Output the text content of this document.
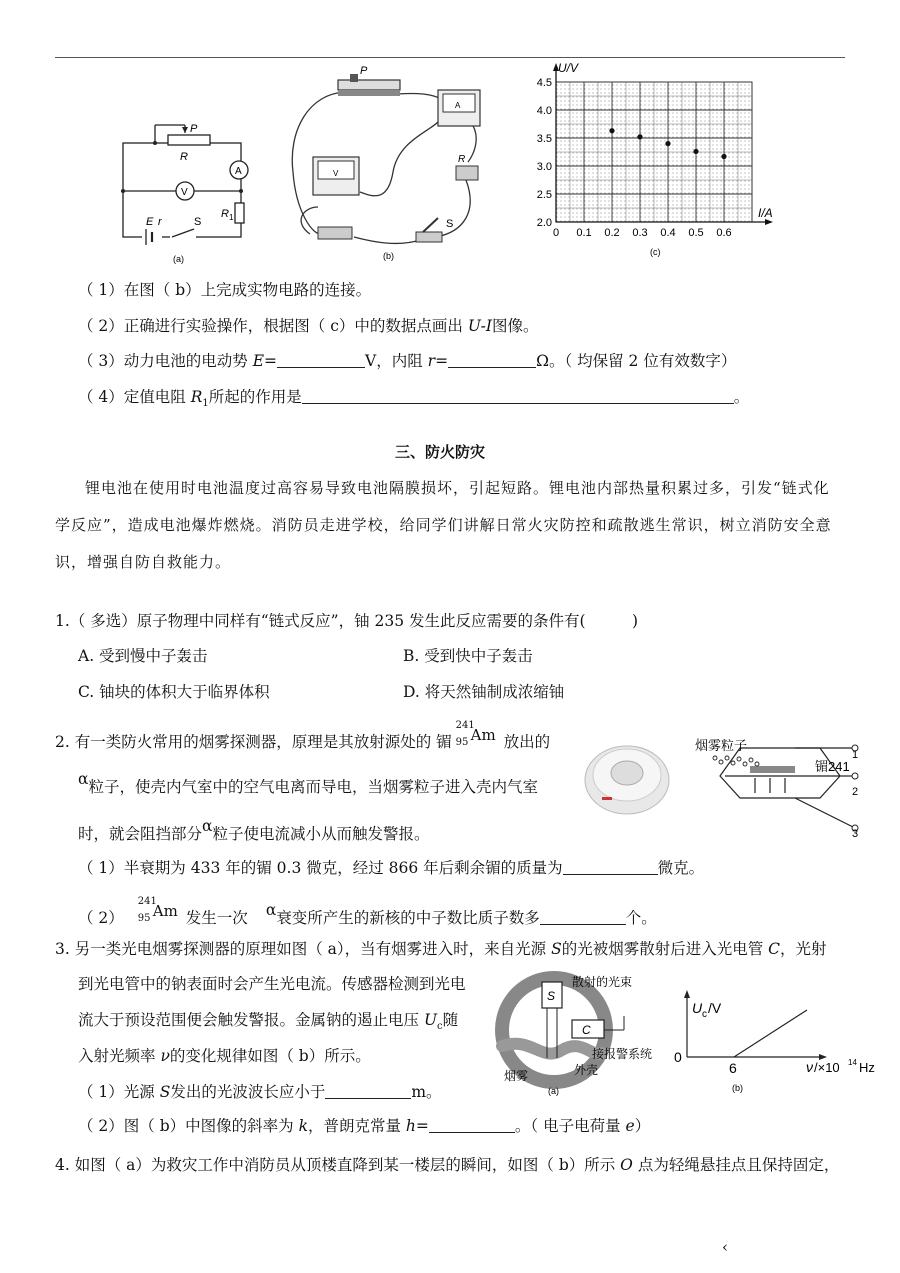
P
R
A
V
E r	S
R 1
(a)
P
A
V
R
S
(b)
0 0.1 0.2 0.3 0.4 0.5 0.6
2.0
2.5
3.0
3.5
4.0
4.5
U/V
I/A
(c)
（ 1）在图（ b）上完成实物电路的连接。
（ 2）正确进行实验操作，根据图（ c）中的数据点画出 U-I图像。
（ 3）动力电池的电动势 E=	V，内阻 r=	Ω。（ 均保留 2 位有效数字）
（ 4）定值电阻 $R_1$所起的作用是	。
三、防火防灾
锂电池在使用时电池温度过高容易导致电池隔膜损坏，引起短路。锂电池内部热量积累过多，引发“链式化学反应”，造成电池爆炸燃烧。消防员走进学校，给同学们讲解日常火灾防控和疏散逃生常识，树立消防安全意识，增强自防自救能力。
1.（ 多选）原子物理中同样有“链式反应”，铀 235 发生此反应需要的条件有(　　　)
A. 受到慢中子轰击	B. 受到快中子轰击
C. 铀块的体积大于临界体积	D. 将天然铀制成浓缩铀
2. 有一类防火常用的烟雾探测器，原理是其放射源处的 镅
241
95 Am 放出的
α粒子，使壳内气室中的空气电离而导电，当烟雾粒子进入壳内气室
时，就会阻挡部分α粒子使电流减小从而触发警报。
（ 1）半衰期为 433 年的镅 0.3 微克，经过 866 年后剩余镅的质量为	微克。
（ 2）
241
95 Am 发生一次 α衰变所产生的新核的中子数比质子数多	个。
烟雾粒子
镅241
1
2
3
3. 另一类光电烟雾探测器的原理如图（ a），当有烟雾进入时，来自光源 S的光被烟雾散射后进入光电管 C，光射
到光电管中的钠表面时会产生光电流。传感器检测到光电
流大于预设范围便会触发警报。金属钠的遏止电压 $U_c$随
入射光频率 ν的变化规律如图（ b）所示。
（ 1）光源 S发出的光波波长应小于	m。
（ 2）图（ b）中图像的斜率为 k，普朗克常量 h=	。（ 电子电荷量 e）
S
C
散射的光束
接报警系统
外壳
烟雾
(a)
U c /V
0
6	ν /×10 14 Hz
(b)
4. 如图（ a）为救灾工作中消防员从顶楼直降到某一楼层的瞬间，如图（ b）所示 O 点为轻绳悬挂点且保持固定，
‹
